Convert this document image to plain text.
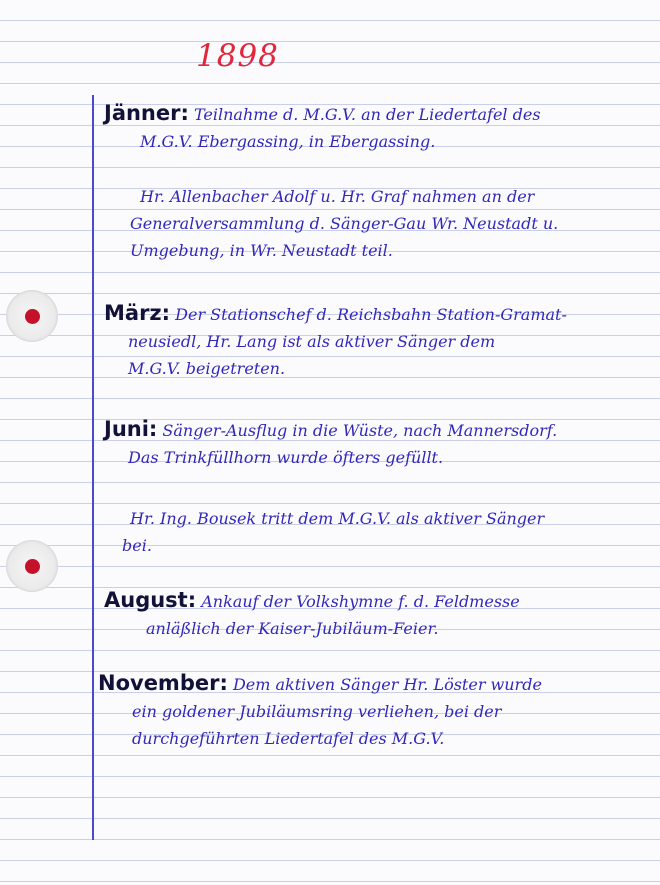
1898
Jänner: Teilnahme d. M.G.V. an der Liedertafel des
M.G.V. Ebergassing, in Ebergassing.
Hr. Allenbacher Adolf u. Hr. Graf nahmen an der
Generalversammlung d. Sänger-Gau Wr. Neustadt u.
Umgebung, in Wr. Neustadt teil.
März: Der Stationschef d. Reichsbahn Station-Gramat-
neusiedl, Hr. Lang ist als aktiver Sänger dem
M.G.V. beigetreten.
Juni: Sänger-Ausflug in die Wüste, nach Mannersdorf.
Das Trinkfüllhorn wurde öfters gefüllt.
Hr. Ing. Bousek tritt dem M.G.V. als aktiver Sänger
bei.
August: Ankauf der Volkshymne f. d. Feldmesse
anläßlich der Kaiser-Jubiläum-Feier.
November: Dem aktiven Sänger Hr. Löster wurde
ein goldener Jubiläumsring verliehen, bei der
durchgeführten Liedertafel des M.G.V.
